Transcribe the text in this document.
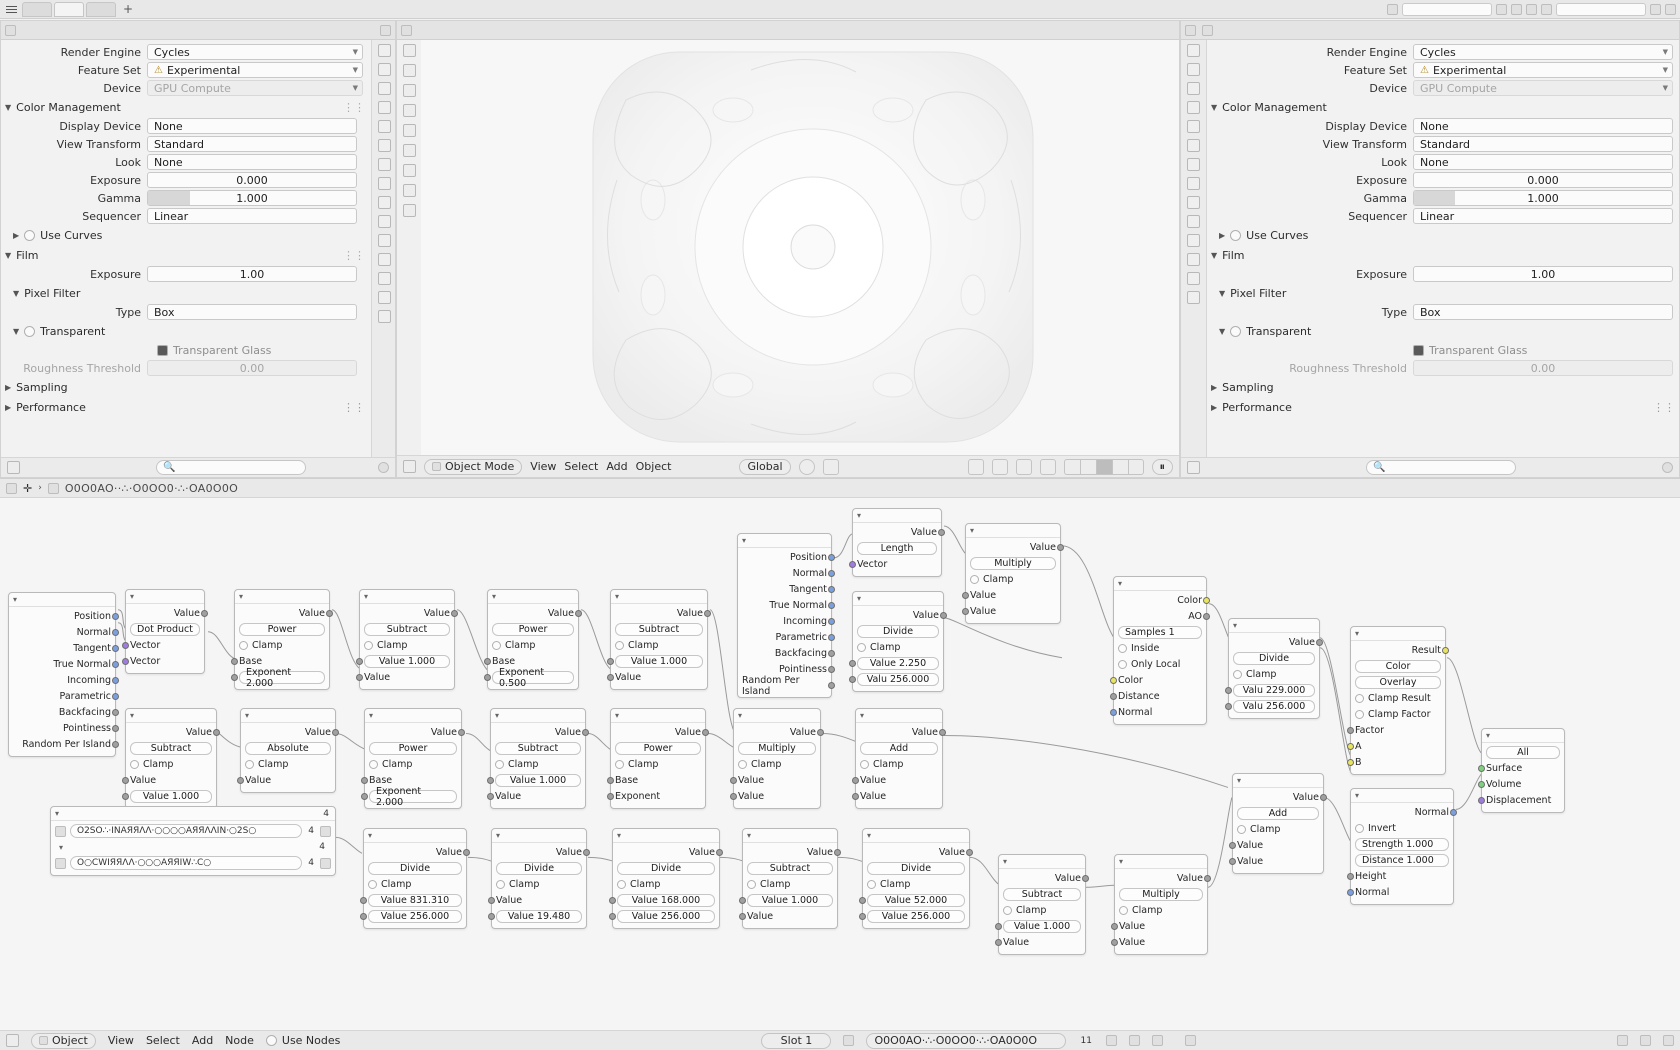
+
Render Engine	Cycles	▼
Feature Set	⚠ Experimental	▼
Device	GPU Compute	▼
▼ Color Management	⋮⋮
Display Device	None
View Transform	Standard
Look	None
Exposure	0.000
Gamma	1.000
Sequencer	Linear
▶ Use Curves
▼ Film	⋮⋮
Exposure	1.00
▼ Pixel Filter
Type	Box
▼ Transparent
Transparent Glass
Roughness Threshold	0.00
▶ Sampling
▶ Performance	⋮⋮
🔍	Object Mode View Select Add Object	Global	⏸
Render Engine	Cycles	▼
Feature Set	⚠ Experimental	▼
Device	GPU Compute	▼
▼ Color Management
Display Device	None
View Transform	Standard
Look	None
Exposure	0.000
Gamma	1.000
Sequencer	Linear
▶ Use Curves
▼ Film
Exposure	1.00
▼ Pixel Filter
Type	Box
▼ Transparent
Transparent Glass
Roughness Threshold	0.00
▶ Sampling
▶ Performance	⋮⋮
🔍
✛ › O0O0AO··∴·O0OO0·∴·OA0O0O
▾
Position
Normal
Tangent
True Normal
Incoming
Parametric
Backfacing
Pointiness
Random Per Island
▾
Value
Dot Product
Vector
Vector
▾
Value
Power
Clamp
Base
Exponent 2.000
▾
Value
Subtract
Clamp
Value 1.000
Value
▾
Value
Power
Clamp
Base
Exponent 0.500
▾
Value
Subtract
Clamp
Value 1.000
Value
▾
Value
Multiply
Clamp
Value
Value
▾
Value
Divide
Clamp
Value 2.250
Valu 256.000
▾
Value
Divide
Clamp
Valu 229.000
Valu 256.000
▾
Value
Subtract
Clamp
Value
Value 1.000
▾
Value
Absolute
Clamp
Value
▾
Value
Power
Clamp
Base
Exponent 2.000
▾
Value
Subtract
Clamp
Value 1.000
Value
▾
Value
Power
Clamp
Base
Exponent
▾
Value
Multiply
Clamp
Value
Value
▾
Value
Add
Clamp
Value
Value
▾
Value
Add
Clamp
Value
Value
▾
Value
Divide
Clamp
Value 831.310
Value 256.000
▾
Value
Divide
Clamp
Value
Value 19.480
▾
Value
Divide
Clamp
Value 168.000
Value 256.000
▾
Value
Subtract
Clamp
Value 1.000
Value
▾
Value
Divide
Clamp
Value 52.000
Value 256.000
▾
Value
Subtract
Clamp
Value 1.000
Value
▾
Value
Multiply
Clamp
Value
Value
▾
Position
Normal
Tangent
True Normal
Incoming
Parametric
Backfacing
Pointiness
Random Per Island
▾
Value
Length
Vector
▾
Color
AO
Samples 1
Inside
Only Local
Color
Distance
Normal
▾
Result
Color
Overlay
Clamp Result
Clamp Factor
Factor
A
B
▾
All
Surface
Volume
Displacement
▾
Normal
Invert
Strength 1.000
Distance 1.000
Height
Normal
▾	4
O2SO∴·INAЯЯΛΛ·○○○○AЯЯΛΛIN·○2S○	4
▾	4
O○CWIЯЯΛΛ·○○○AЯЯIW∴C○	4
Object View Select Add Node	Use Nodes	Slot 1	O0O0AO·∴·O0OO0·∴·OA0O0O	11
